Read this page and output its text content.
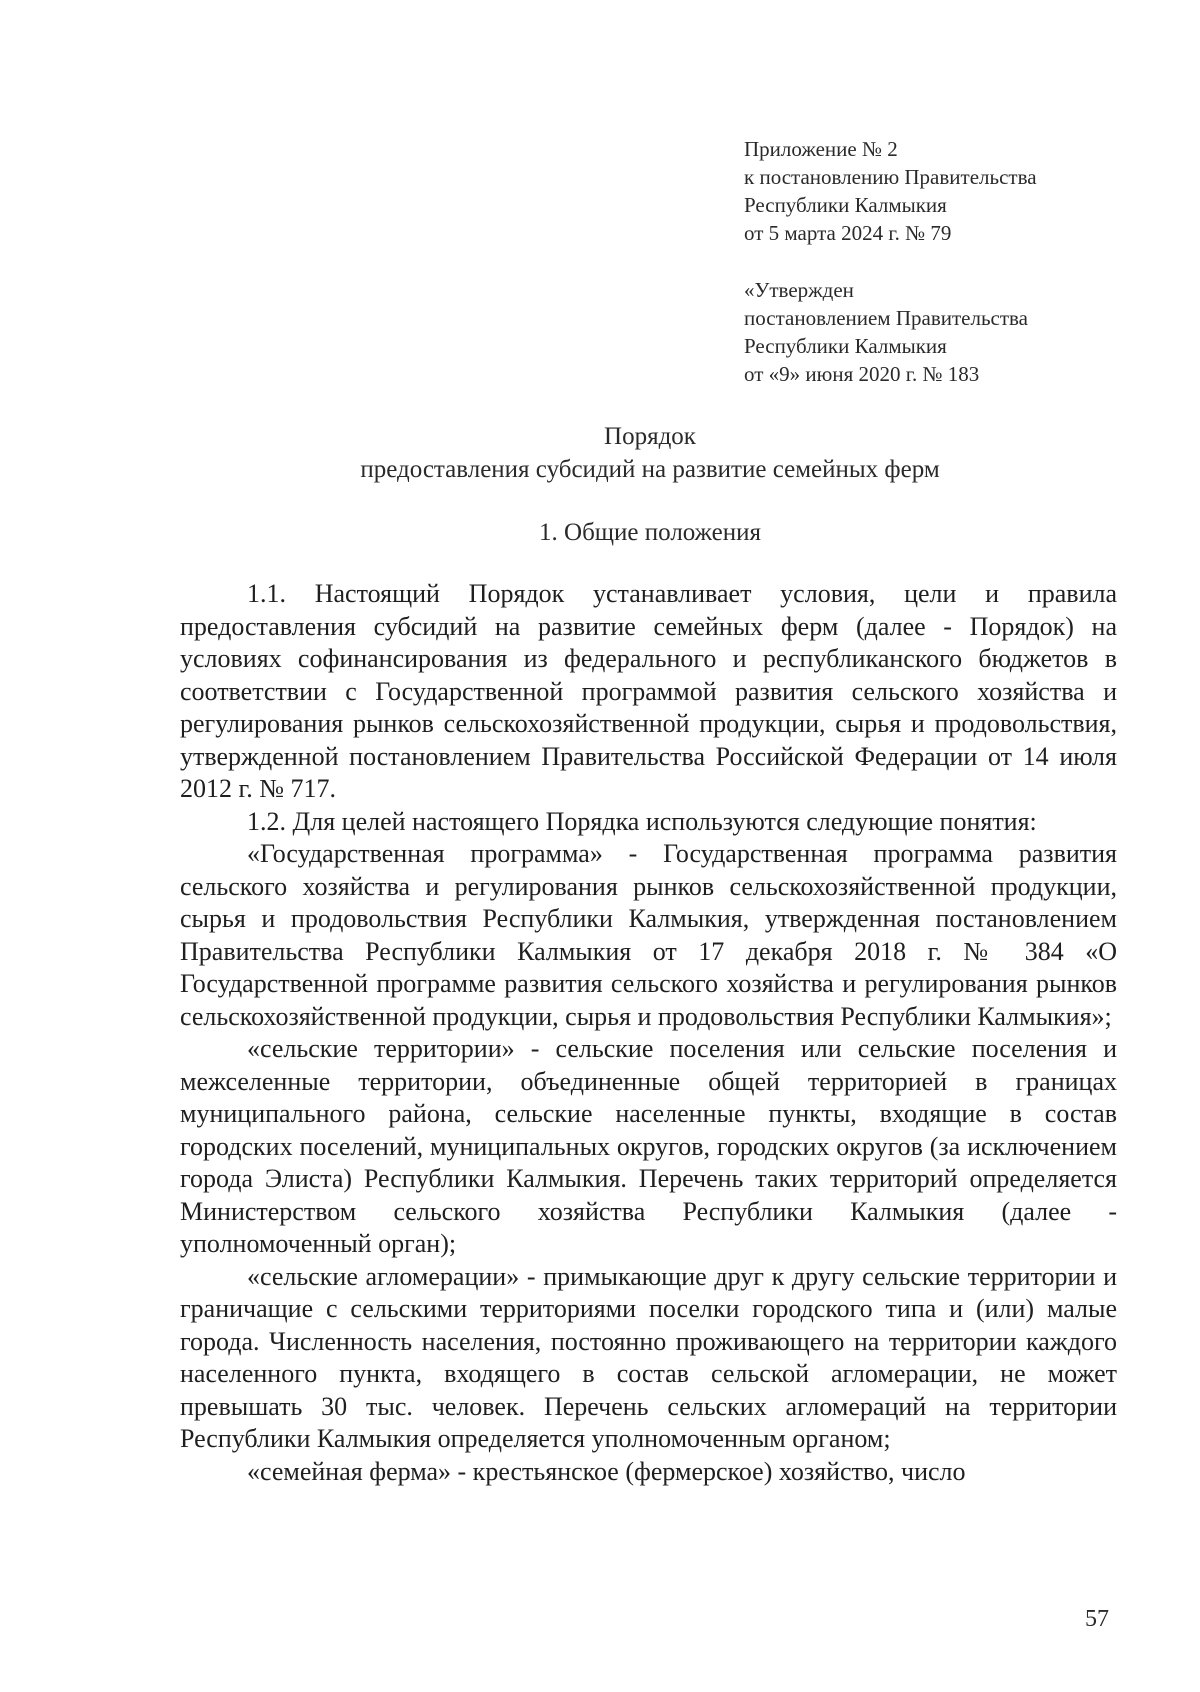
Приложение № 2
к постановлению Правительства
Республики Калмыкия
от 5 марта 2024 г. № 79
«Утвержден
постановлением Правительства
Республики Калмыкия
от «9» июня 2020 г. № 183
Порядок
предоставления субсидий на развитие семейных ферм
1. Общие положения

1.1. Настоящий Порядок устанавливает условия, цели и правила предоставления субсидий на развитие семейных ферм (далее - Порядок) на условиях софинансирования из федерального и республиканского бюджетов в соответствии с Государственной программой развития сельского хозяйства и регулирования рынков сельскохозяйственной продукции, сырья и продовольствия, утвержденной постановлением Правительства Российской Федерации от 14 июля 2012 г. № 717.

1.2. Для целей настоящего Порядка используются следующие понятия:

«Государственная программа» - Государственная программа развития сельского хозяйства и регулирования рынков сельскохозяйственной продукции, сырья и продовольствия Республики Калмыкия, утвержденная постановлением Правительства Республики Калмыкия от 17 декабря 2018 г. № 384 «О Государственной программе развития сельского хозяйства и регулирования рынков сельскохозяйственной продукции, сырья и продовольствия Республики Калмыкия»;

«сельские территории» - сельские поселения или сельские поселения и межселенные территории, объединенные общей территорией в границах муниципального района, сельские населенные пункты, входящие в состав городских поселений, муниципальных округов, городских округов (за исключением города Элиста) Республики Калмыкия. Перечень таких территорий определяется Министерством сельского хозяйства Республики Калмыкия (далее - уполномоченный орган);

«сельские агломерации» - примыкающие друг к другу сельские территории и граничащие с сельскими территориями поселки городского типа и (или) малые города. Численность населения, постоянно проживающего на территории каждого населенного пункта, входящего в состав сельской агломерации, не может превышать 30 тыс. человек. Перечень сельских агломераций на территории Республики Калмыкия определяется уполномоченным органом;

«семейная ферма» - крестьянское (фермерское) хозяйство, число

57
